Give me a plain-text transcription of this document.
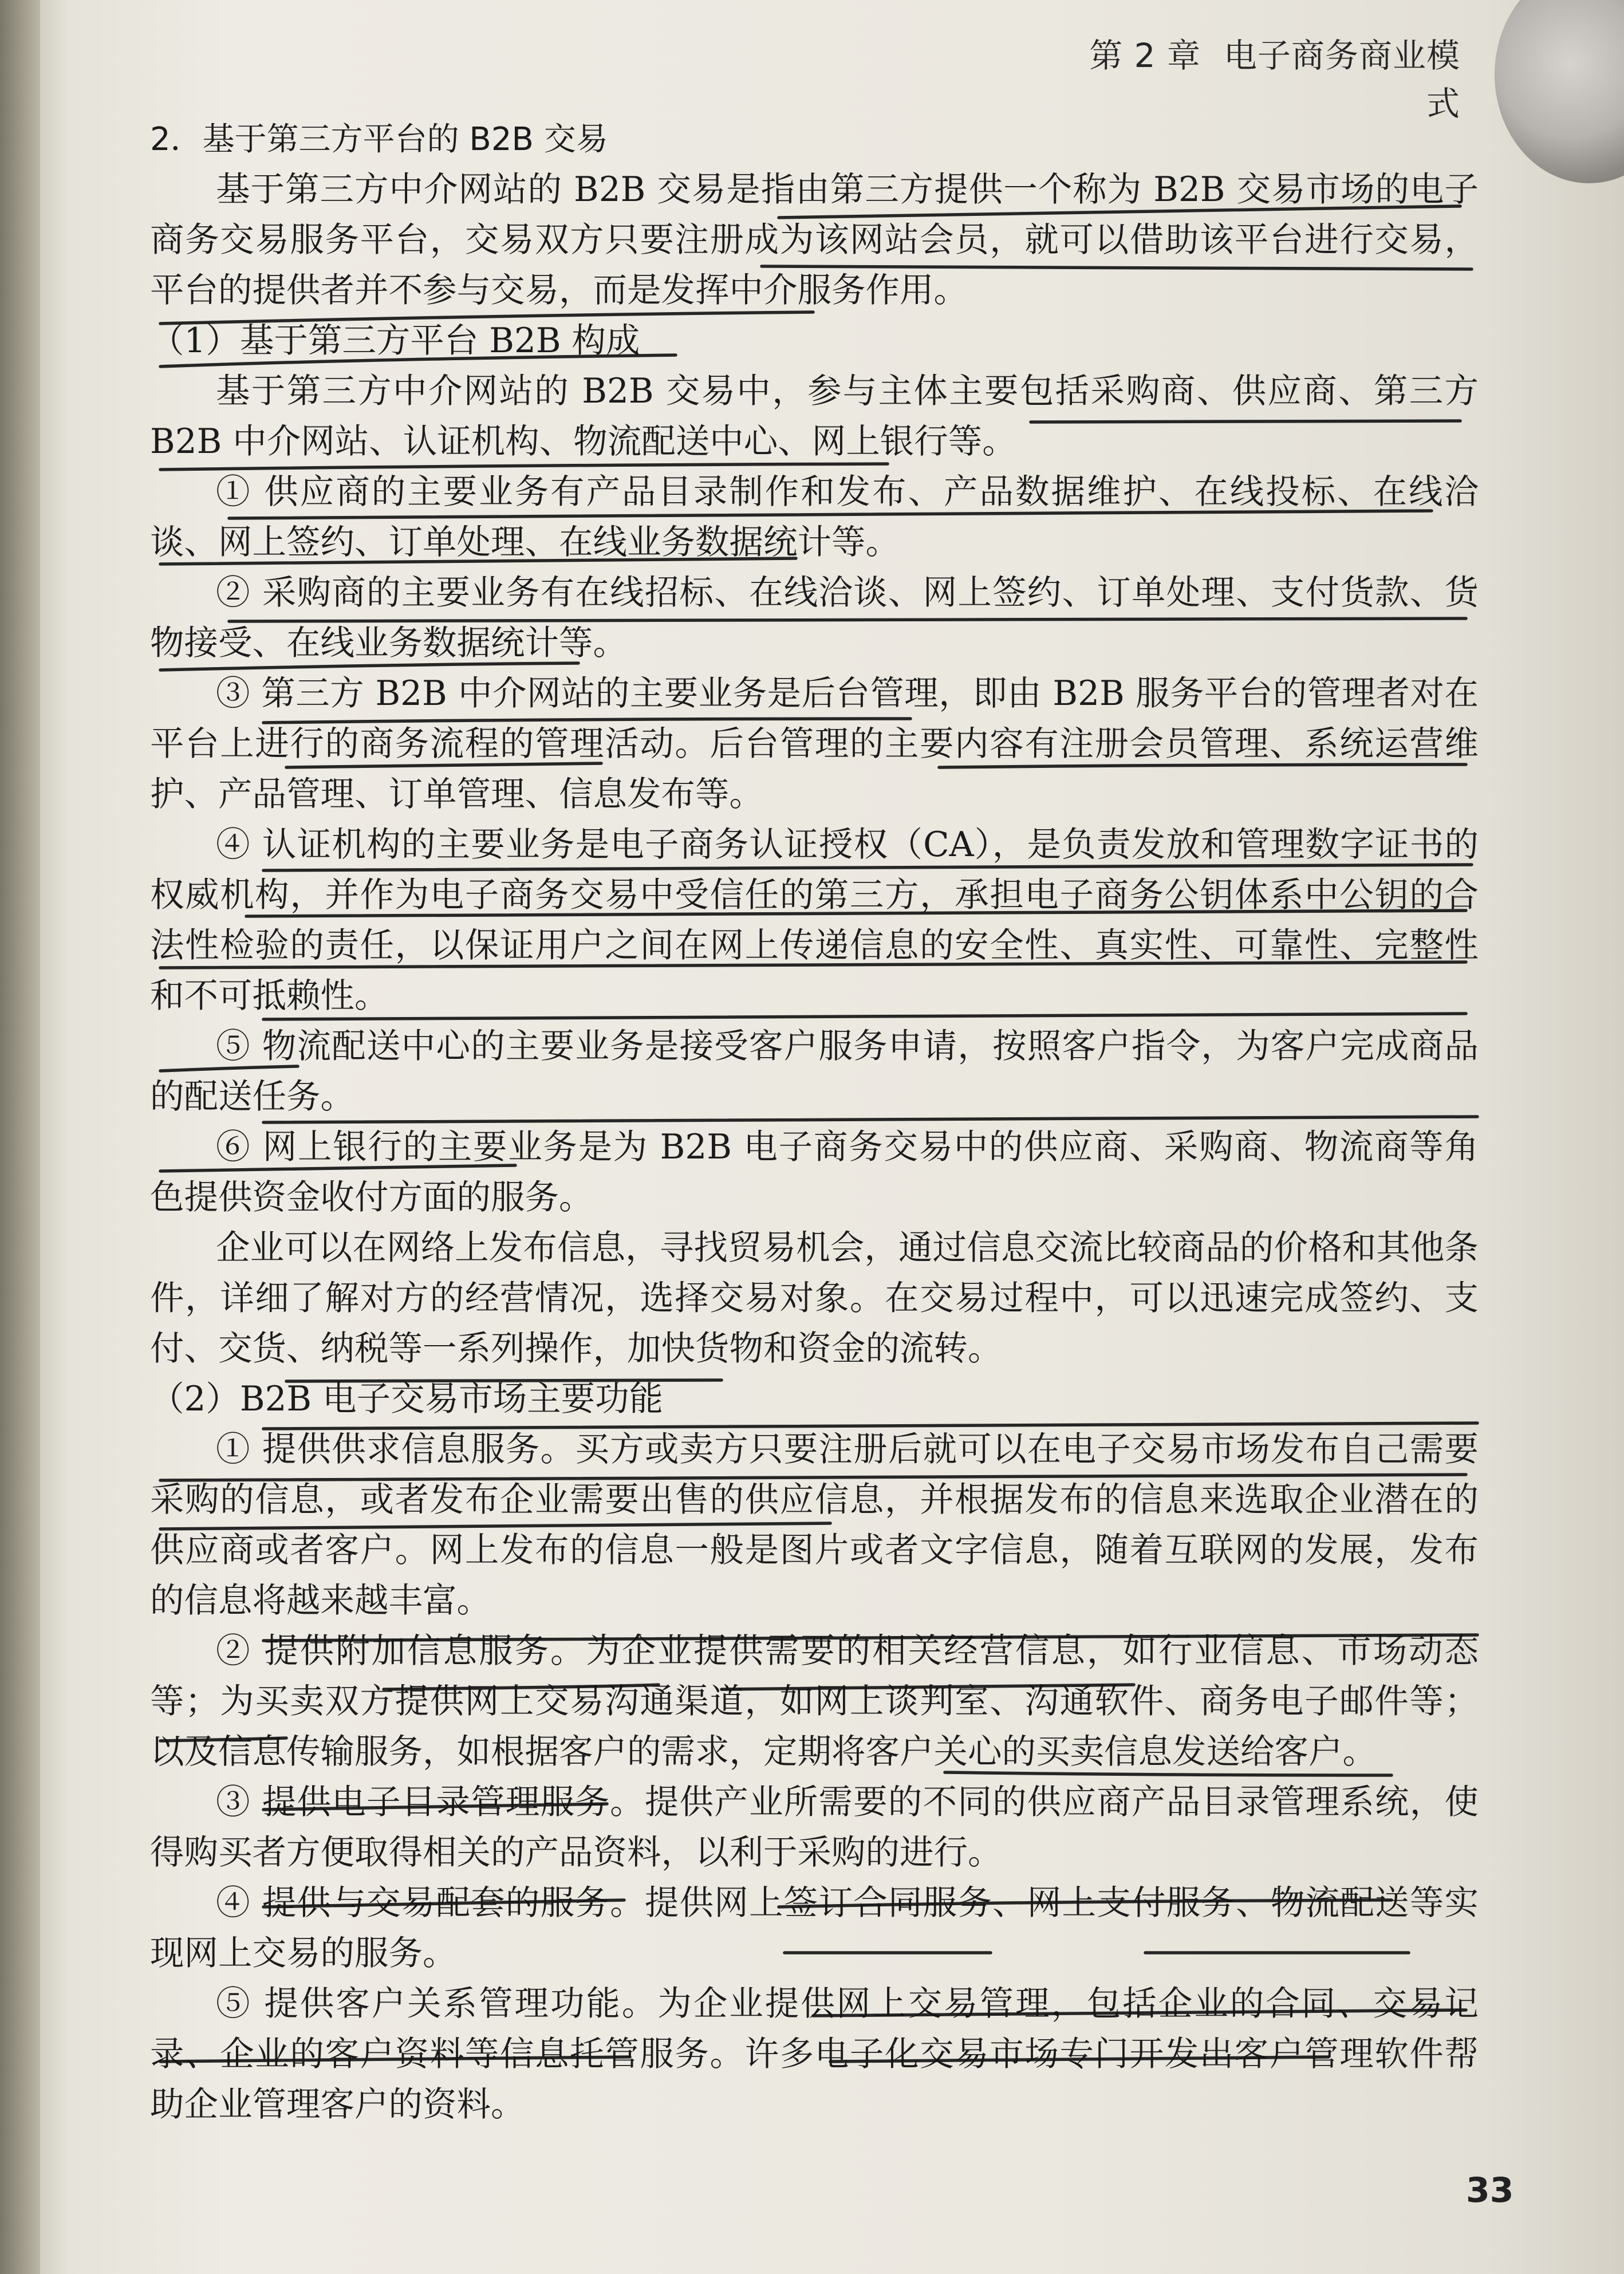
第 2 章 电子商务商业模式

2．基于第三方平台的 B2B 交易

基于第三方中介网站的 B2B 交易是指由第三方提供一个称为 B2B 交易市场的电子商务交易服务平台，交易双方只要注册成为该网站会员，就可以借助该平台进行交易，平台的提供者并不参与交易，而是发挥中介服务作用。

（1）基于第三方平台 B2B 构成

基于第三方中介网站的 B2B 交易中，参与主体主要包括采购商、供应商、第三方 B2B 中介网站、认证机构、物流配送中心、网上银行等。

① 供应商的主要业务有产品目录制作和发布、产品数据维护、在线投标、在线洽谈、网上签约、订单处理、在线业务数据统计等。

② 采购商的主要业务有在线招标、在线洽谈、网上签约、订单处理、支付货款、货物接受、在线业务数据统计等。

③ 第三方 B2B 中介网站的主要业务是后台管理，即由 B2B 服务平台的管理者对在平台上进行的商务流程的管理活动。后台管理的主要内容有注册会员管理、系统运营维护、产品管理、订单管理、信息发布等。

④ 认证机构的主要业务是电子商务认证授权（CA），是负责发放和管理数字证书的权威机构，并作为电子商务交易中受信任的第三方，承担电子商务公钥体系中公钥的合法性检验的责任，以保证用户之间在网上传递信息的安全性、真实性、可靠性、完整性和不可抵赖性。

⑤ 物流配送中心的主要业务是接受客户服务申请，按照客户指令，为客户完成商品的配送任务。

⑥ 网上银行的主要业务是为 B2B 电子商务交易中的供应商、采购商、物流商等角色提供资金收付方面的服务。

企业可以在网络上发布信息，寻找贸易机会，通过信息交流比较商品的价格和其他条件，详细了解对方的经营情况，选择交易对象。在交易过程中，可以迅速完成签约、支付、交货、纳税等一系列操作，加快货物和资金的流转。

（2）B2B 电子交易市场主要功能

① 提供供求信息服务。买方或卖方只要注册后就可以在电子交易市场发布自己需要采购的信息，或者发布企业需要出售的供应信息，并根据发布的信息来选取企业潜在的供应商或者客户。网上发布的信息一般是图片或者文字信息，随着互联网的发展，发布的信息将越来越丰富。

② 提供附加信息服务。为企业提供需要的相关经营信息，如行业信息、市场动态等；为买卖双方提供网上交易沟通渠道，如网上谈判室、沟通软件、商务电子邮件等；以及信息传输服务，如根据客户的需求，定期将客户关心的买卖信息发送给客户。

③ 提供电子目录管理服务。提供产业所需要的不同的供应商产品目录管理系统，使得购买者方便取得相关的产品资料，以利于采购的进行。

④ 提供与交易配套的服务。提供网上签订合同服务、网上支付服务、物流配送等实现网上交易的服务。

⑤ 提供客户关系管理功能。为企业提供网上交易管理，包括企业的合同、交易记录、企业的客户资料等信息托管服务。许多电子化交易市场专门开发出客户管理软件帮助企业管理客户的资料。

33
